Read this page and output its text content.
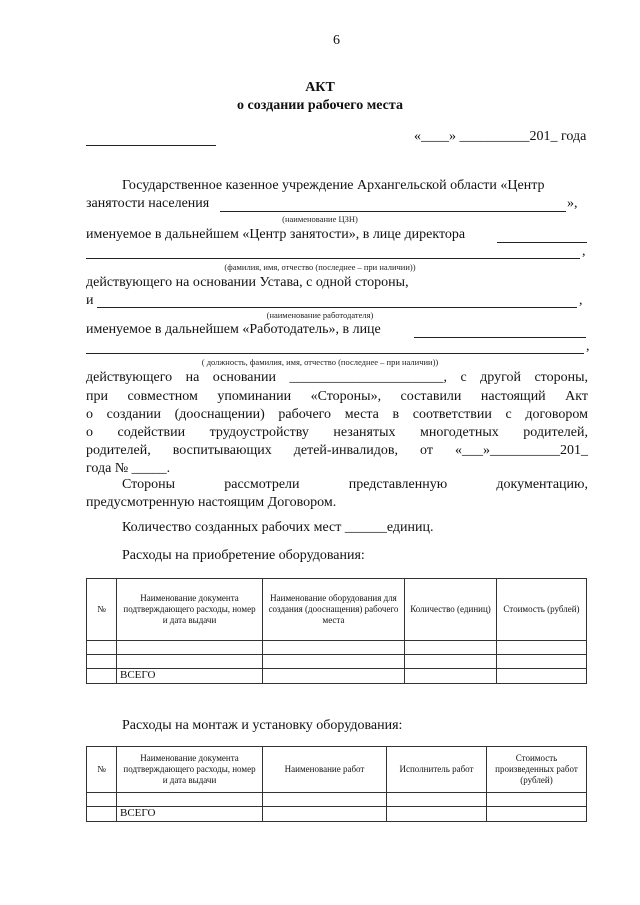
6
АКТ
о создании рабочего места
«____» __________201_ года
Государственное казенное учреждение Архангельской области «Центр
занятости населения	»,
(наименование ЦЗН)
именуемое в дальнейшем «Центр занятости», в лице директора
,
(фамилия, имя, отчество (последнее – при наличии))
действующего на основании Устава, с одной стороны,
и	,
(наименование работодателя)
именуемое в дальнейшем «Работодатель», в лице
,
( должность, фамилия, имя, отчество (последнее – при наличии))
действующего на основании ______________________, с другой стороны,
при совместном упоминании «Стороны», составили настоящий Акт
о создании (дооснащении) рабочего места в соответствии с договором
о содействии трудоустройству незанятых многодетных родителей,
родителей, воспитывающих детей-инвалидов, от «___»__________201_
года № _____.
Стороны рассмотрели представленную документацию,
предусмотренную настоящим Договором.
Количество созданных рабочих мест ______единиц.
Расходы на приобретение оборудования:
№	Наименование документа подтверждающего расходы, номер и дата выдачи	Наименование оборудования для создания (дооснащения) рабочего места	Количество (единиц)	Стоимость (рублей)

	ВСЕГО			
Расходы на монтаж и установку оборудования:
№	Наименование документа подтверждающего расходы, номер и дата выдачи	Наименование работ	Исполнитель работ	Стоимость произведенных работ (рублей)

	ВСЕГО			
